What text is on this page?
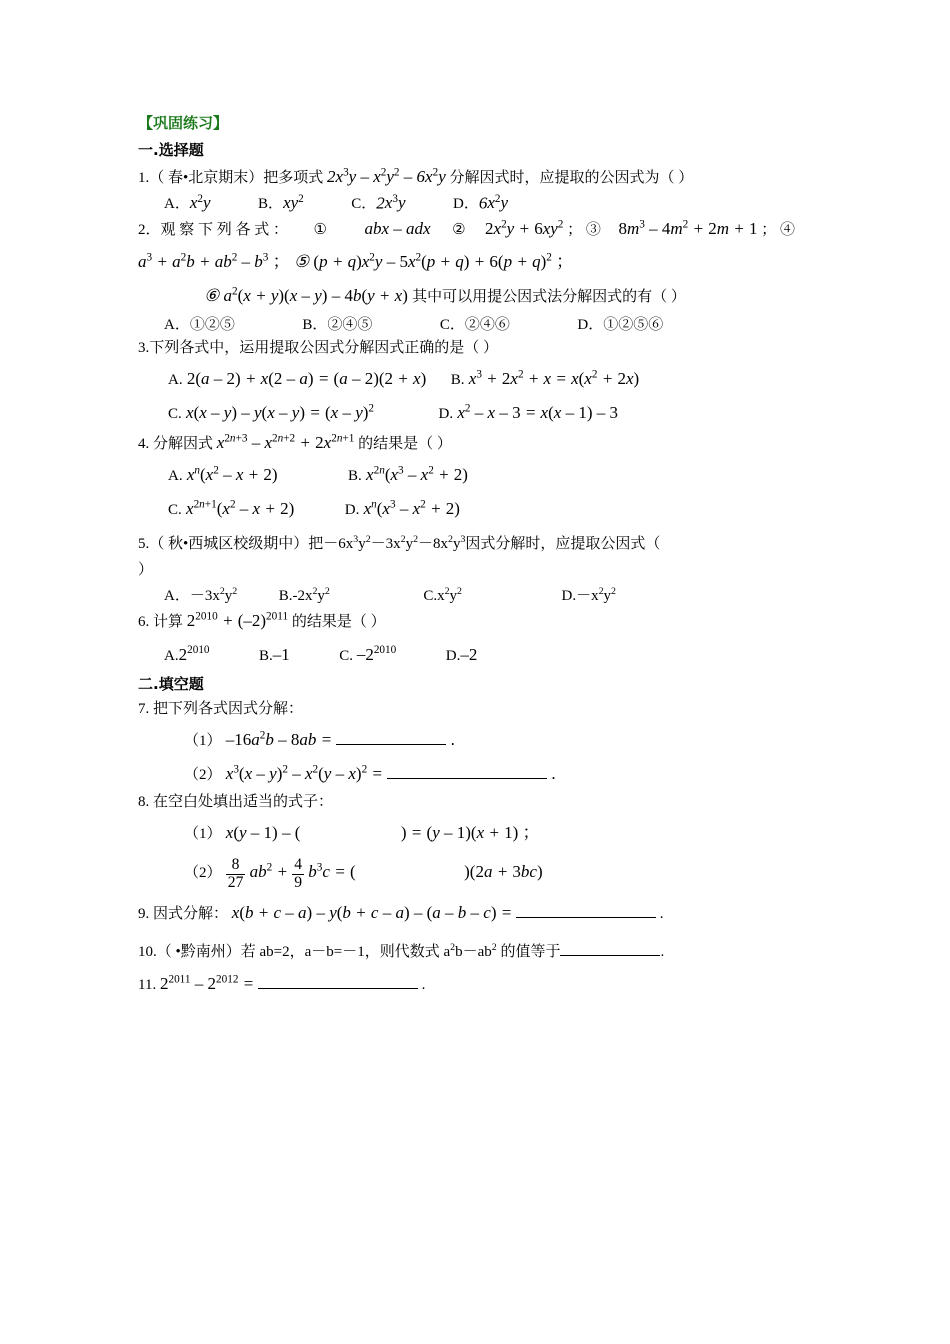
【巩固练习】
一.选择题
1.（ 春•北京期末）把多项式 $2x^3y - x^2y^2 - 6x^2y$ 分解因式时，应提取的公因式为（ ）
A．$x^2y$	B．$xy^2$	C．$2x^3y$	D．$6x^2y$
2．观 察 下 列 各 式 ： ① abx – adx ② $2x^2y + 6xy^2$ ； ③ $8m^3 - 4m^2 + 2m + 1$ ； ④
$a^3 + a^2b + ab^2 - b^3$ ； ⑤ $(p + q)x^2y - 5x^2(p + q) + 6(p + q)^2$ ；
⑥ $a^2(x + y)(x - y) - 4b(y + x)$ 其中可以用提公因式法分解因式的有（ ）
A．①②⑤	B．②④⑤	C．②④⑥	D．①②⑤⑥
3.下列各式中，运用提取公因式分解因式正确的是（ ）
A. 2(a – 2) + x(2 – a) = (a – 2)(2 + x) B. $x^3 + 2x^2 + x = x(x^2 + 2x)$
C. x(x – y) – y(x – y) = (x – y)$^2$	D. $x^2 - x - 3 = x(x - 1) - 3$
4. 分解因式 $x^{2n+3} - x^{2n+2} + 2x^{2n+1}$ 的结果是（ ）
A. $x^n(x^2 - x + 2)$	B. $x^{2n}(x^3 - x^2 + 2)$
C. $x^{2n+1}(x^2 - x + 2)$	D. $x^n(x^3 - x^2 + 2)$
5.（ 秋•西城区校级期中）把$-6x^3y^2-3x^2y^2-8x^2y^3$因式分解时，应提取公因式（
）
A．$-3x^2y^2$	$B.-2x^2y^2$	$C.x^2y^2$	$D.-x^2y^2$
6. 计算 $2^{2010} + (-2)^{2011}$ 的结果是（ ）
$A.2^{2010}$	B.–1	C. $-2^{2010}$	D.–2
二.填空题
7. 把下列各式因式分解：
（1） $-16a^2b - 8ab$ =	.
（2） $x^3(x - y)^2 - x^2(y - x)^2$ =	.
8. 在空白处填出适当的式子：
（1） x(y – 1) – (	) = (y – 1)(x + 1) ；
$(2) \frac{8}{27} ab^2 + \frac{4}{9} b^3c$ = (	)(2a + 3bc)
9. 因式分解： x(b + c – a) – y(b + c – a) – (a – b – c) =	.
10.（ •黔南州）若 ab=2，a－b=－1，则代数式 $a^2b-ab^2$ 的值等于	.
11. $2^{2011} - 2^{2012}$ =	.
